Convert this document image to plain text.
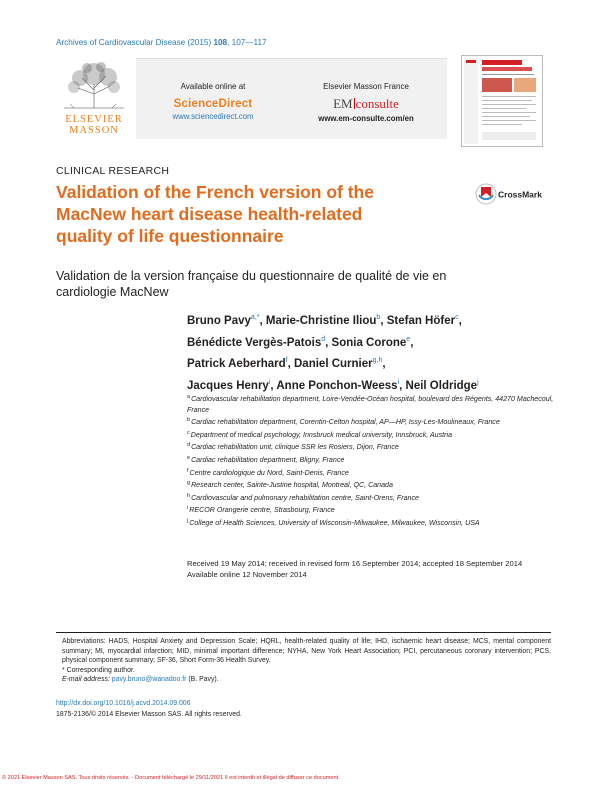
Archives of Cardiovascular Disease (2015) 108, 107—117
ELSEVIER
MASSON
Available online at
ScienceDirect
www.sciencedirect.com
Elsevier Masson France
EM consulte
www.em-consulte.com/en
CLINICAL RESEARCH
Validation of the French version of the MacNew heart disease health-related quality of life questionnaire
CrossMark
Validation de la version française du questionnaire de qualité de vie en cardiologie MacNew
Bruno Pavy$^{a,*}$, Marie-Christine Iliou$^b$, Stefan Höfer$^c$,
Bénédicte Vergès-Patois$^d$, Sonia Corone$^e$,
Patrick Aeberhard$^f$, Daniel Curnier$^{g,h}$,
Jacques Henry$^i$, Anne Ponchon-Weess$^i$, Neil Oldridge$^j$
$^a$Cardiovascular rehabilitation department, Loire-Vendée-Océan hospital, boulevard des Régents, 44270 Machecoul, France
$^b$Cardiac rehabilitation department, Corentin-Celton hospital, AP—HP, Issy-Les-Moulineaux, France
$^c$Department of medical psychology, Innsbruck medical university, Innsbruck, Austria
$^d$Cardiac rehabilitation unit, clinique SSR les Rosiers, Dijon, France
$^e$Cardiac rehabilitation department, Bligny, France
$^f$Centre cardiologique du Nord, Saint-Denis, France
$^g$Research center, Sainte-Justine hospital, Montreal, QC, Canada
$^h$Cardiovascular and pulmonary rehabilitation centre, Saint-Orens, France
$^i$RECOR Orangerie centre, Strasbourg, France
$^j$College of Health Sciences, University of Wisconsin-Milwaukee, Milwaukee, Wisconsin, USA
Received 19 May 2014; received in revised form 16 September 2014; accepted 18 September 2014
Available online 12 November 2014
Abbreviations: HADS, Hospital Anxiety and Depression Scale; HQRL, health-related quality of life; IHD, ischaemic heart disease; MCS, mental component summary; MI, myocardial infarction; MID, minimal important difference; NYHA, New York Heart Association; PCI, percutaneous coronary intervention; PCS, physical component summary; SF-36, Short Form-36 Health Survey.
* Corresponding author.
E-mail address: pavy.bruno@wanadoo.fr (B. Pavy).
http://dx.doi.org/10.1016/j.acvd.2014.09.006
1875-2136/© 2014 Elsevier Masson SAS. All rights reserved.
© 2021 Elsevier Masson SAS. Tous droits réservés. - Document téléchargé le 29/11/2021 Il est interdit et illégal de diffuser ce document.
